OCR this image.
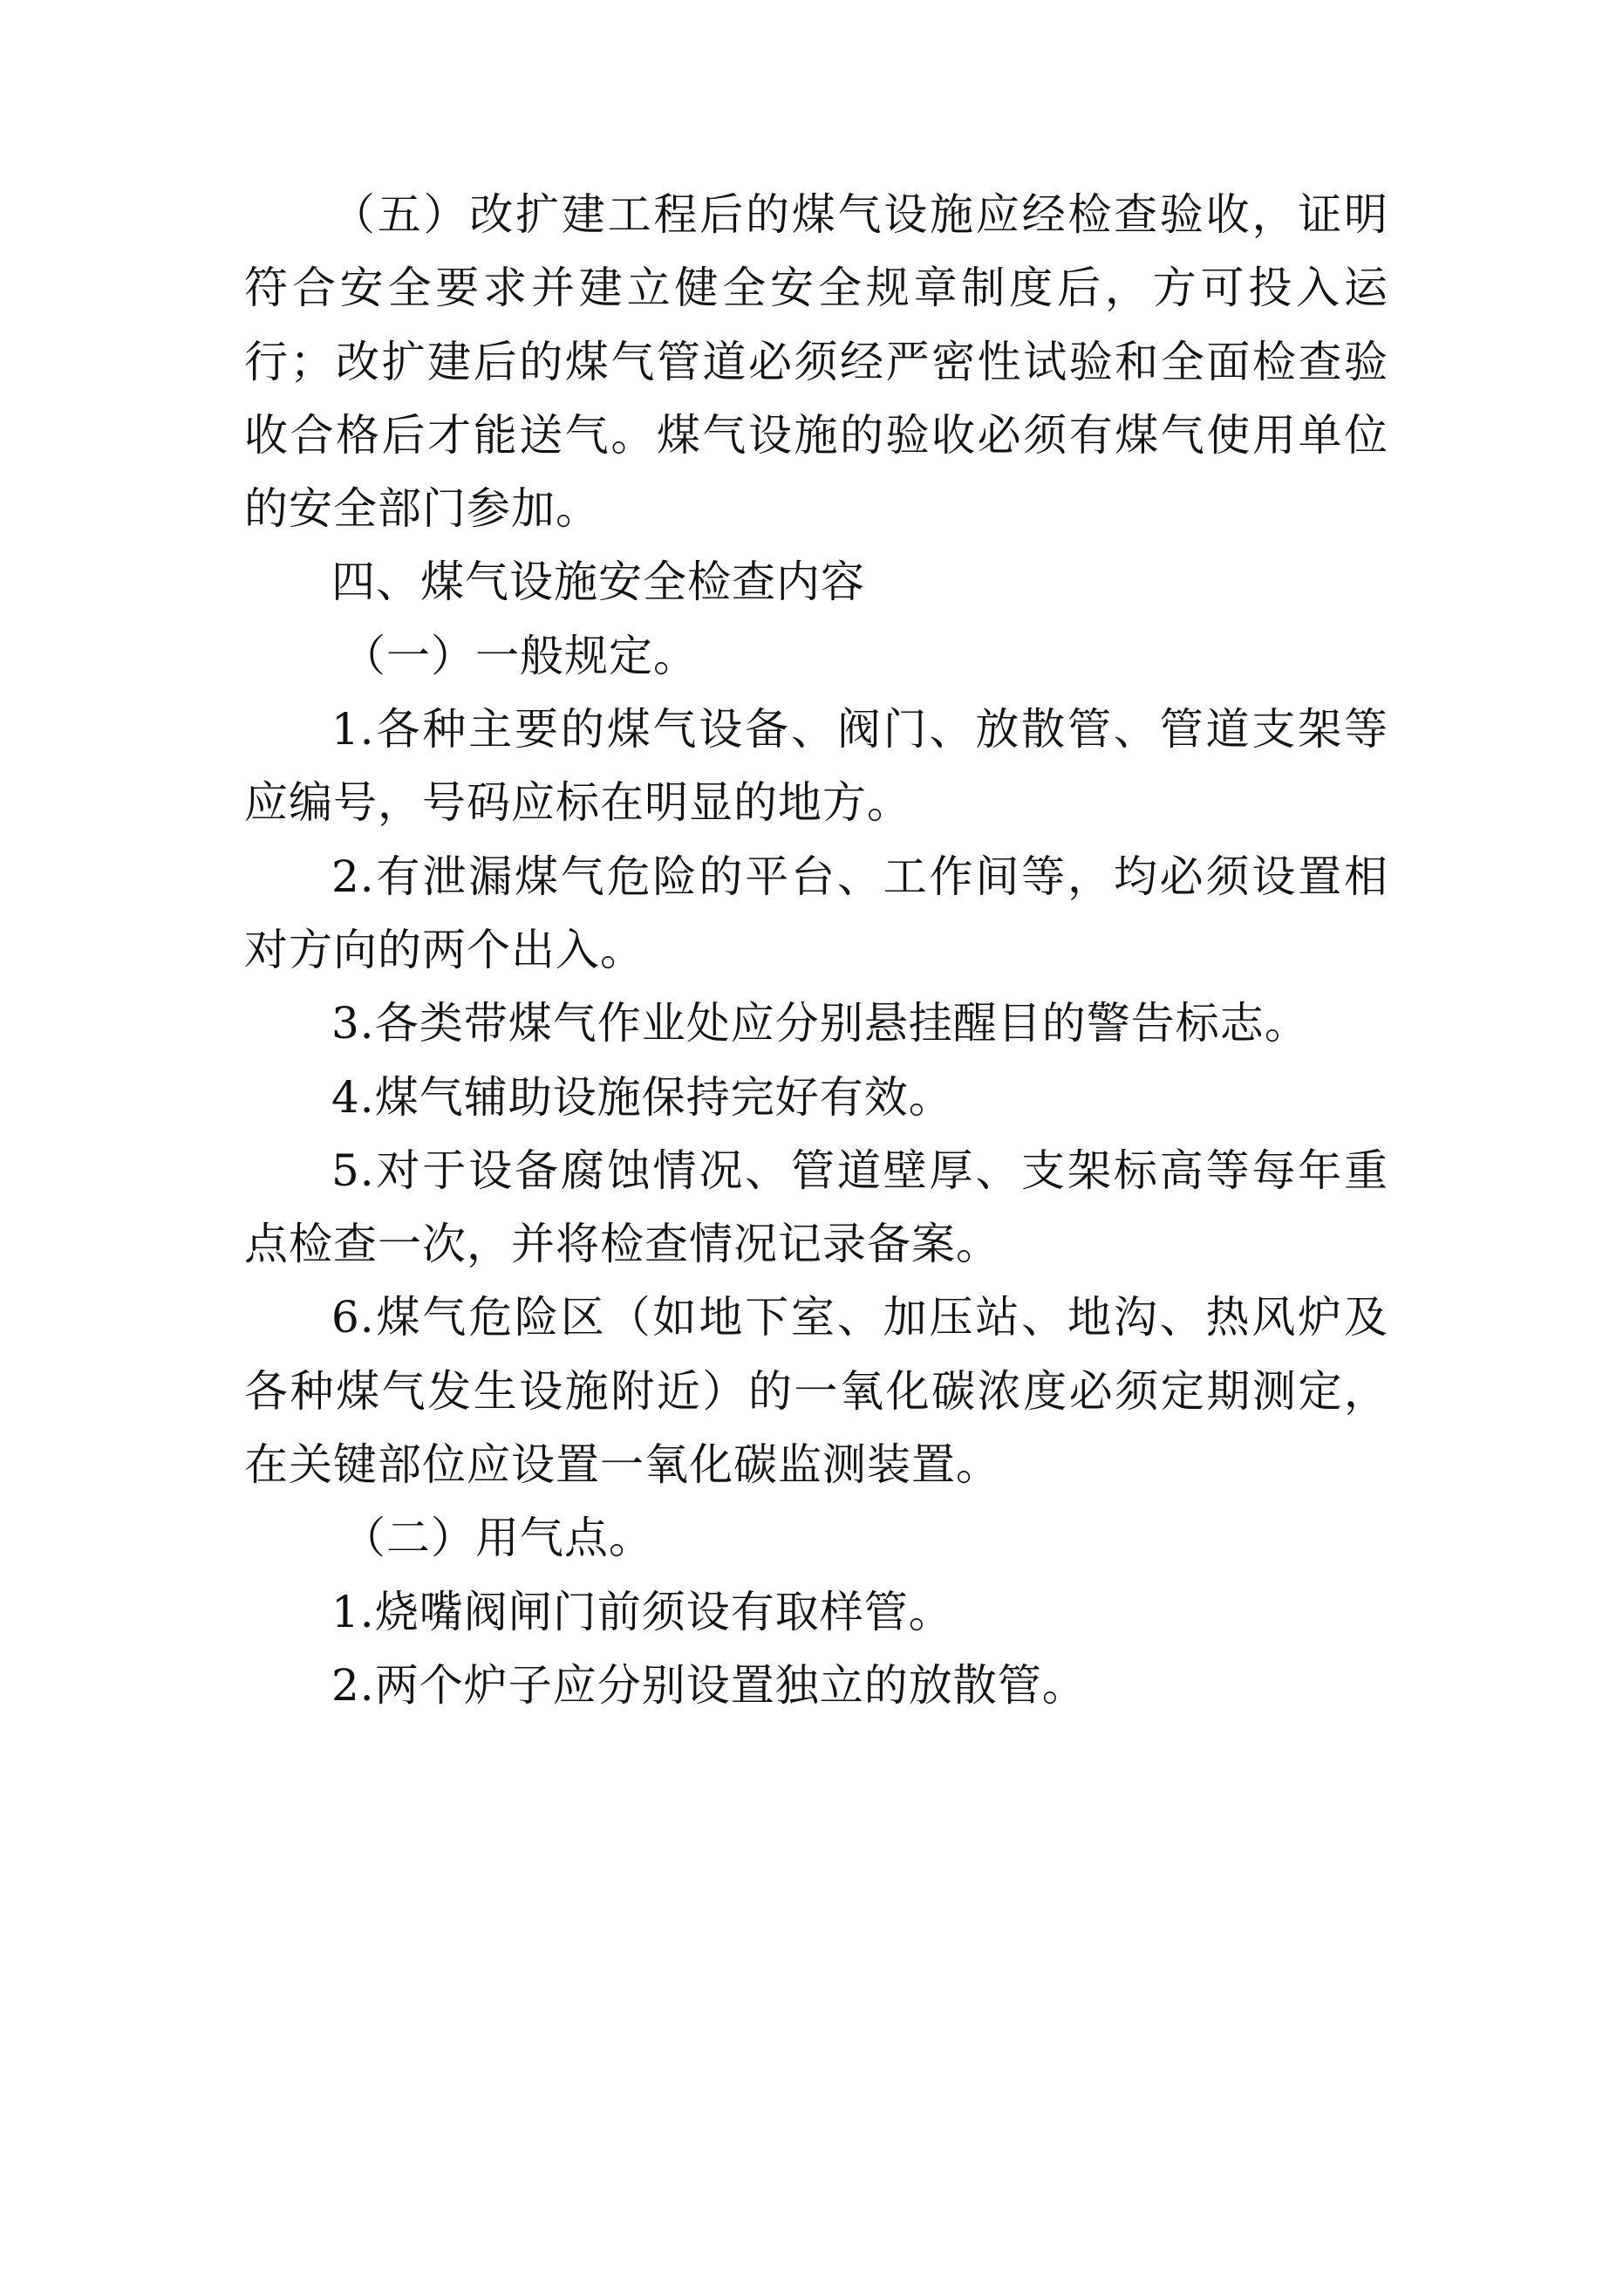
（五）改扩建工程后的煤气设施应经检查验收，证明符合安全要求并建立健全安全规章制度后，方可投入运行；改扩建后的煤气管道必须经严密性试验和全面检查验收合格后才能送气。煤气设施的验收必须有煤气使用单位的安全部门参加。

四、煤气设施安全检查内容

（一）一般规定。

1.各种主要的煤气设备、阀门、放散管、管道支架等应编号，号码应标在明显的地方。

2.有泄漏煤气危险的平台、工作间等，均必须设置相对方向的两个出入。

3.各类带煤气作业处应分别悬挂醒目的警告标志。

4.煤气辅助设施保持完好有效。

5.对于设备腐蚀情况、管道壁厚、支架标高等每年重点检查一次，并将检查情况记录备案。

6.煤气危险区（如地下室、加压站、地沟、热风炉及各种煤气发生设施附近）的一氧化碳浓度必须定期测定，在关键部位应设置一氧化碳监测装置。

（二）用气点。

1.烧嘴阀闸门前须设有取样管。

2.两个炉子应分别设置独立的放散管。
